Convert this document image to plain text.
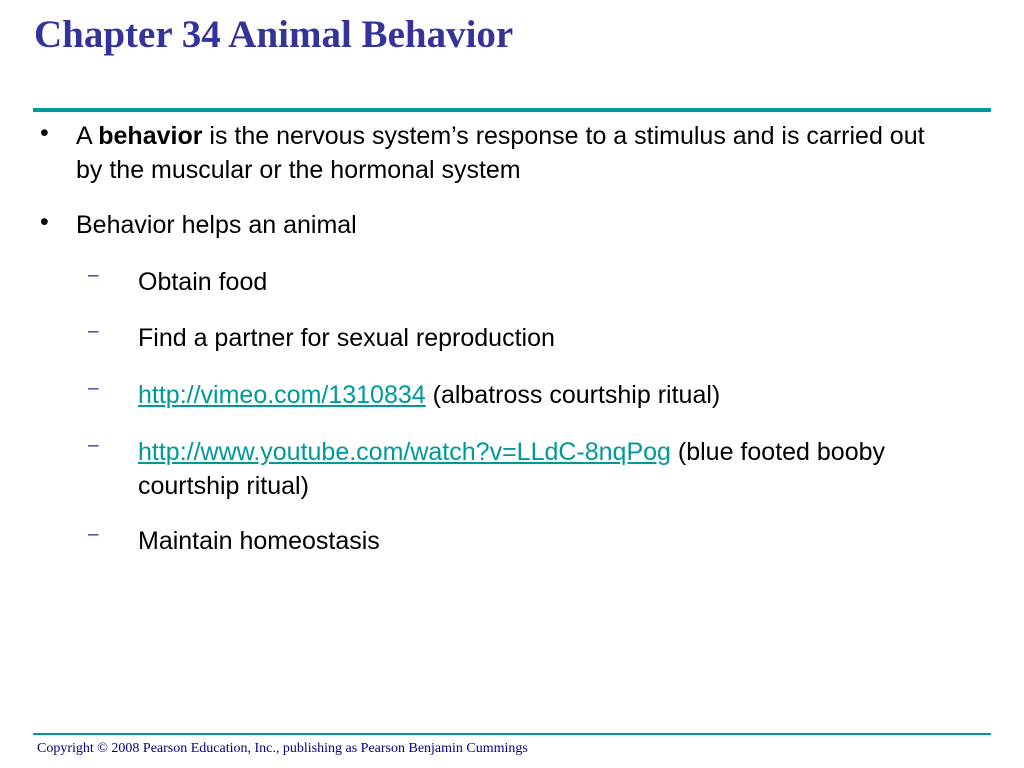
Chapter 34 Animal Behavior
•	A behavior is the nervous system’s response to a stimulus and is carried out by the muscular or the hormonal system
•	Behavior helps an animal
–	Obtain food
–	Find a partner for sexual reproduction
–	http://vimeo.com/1310834 (albatross courtship ritual)
–	http://www.youtube.com/watch?v=LLdC-8nqPog (blue footed booby courtship ritual)
–	Maintain homeostasis
Copyright © 2008 Pearson Education, Inc., publishing as Pearson Benjamin Cummings
